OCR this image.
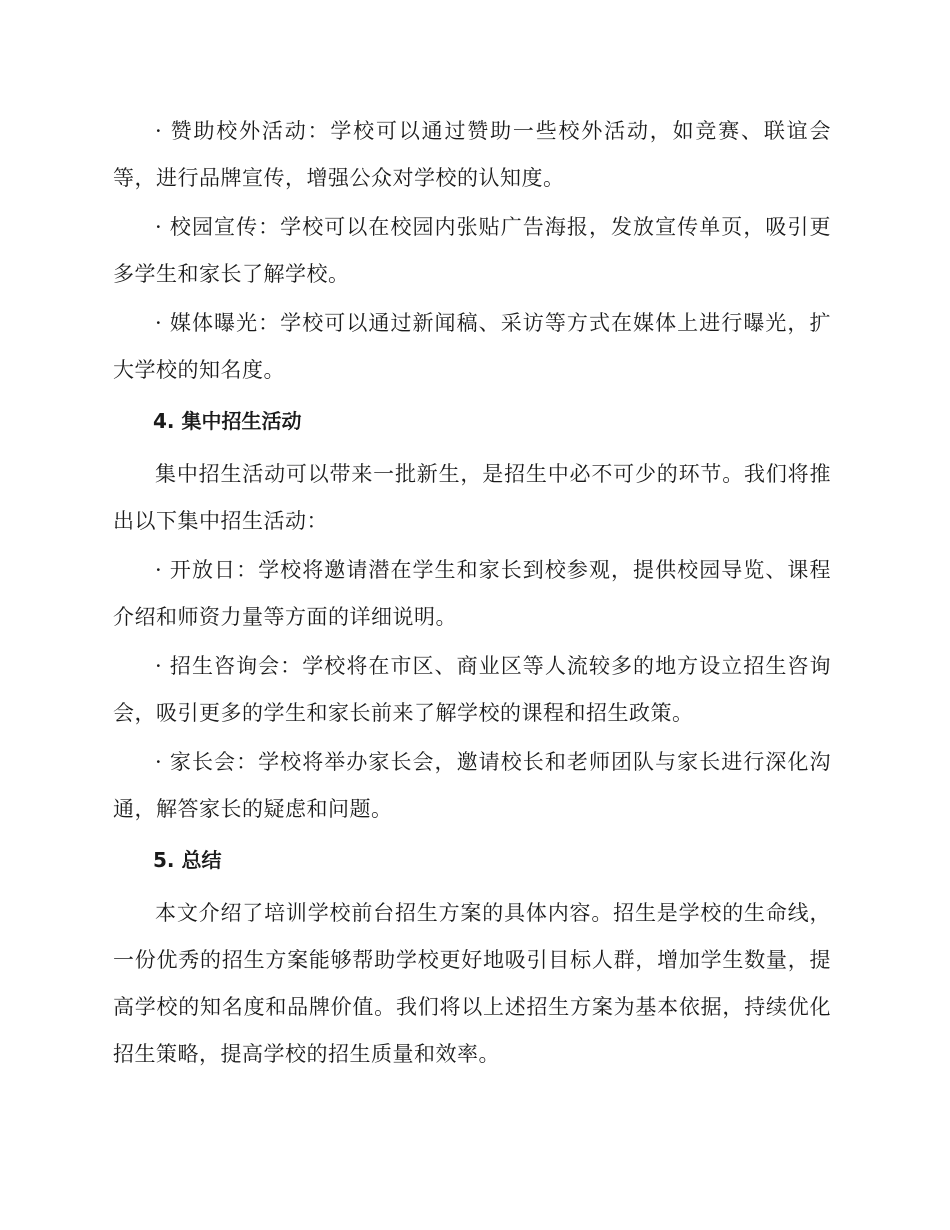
· 赞助校外活动：学校可以通过赞助一些校外活动，如竞赛、联谊会等，进行品牌宣传，增强公众对学校的认知度。

· 校园宣传：学校可以在校园内张贴广告海报，发放宣传单页，吸引更多学生和家长了解学校。

· 媒体曝光：学校可以通过新闻稿、采访等方式在媒体上进行曝光，扩大学校的知名度。

4. 集中招生活动

集中招生活动可以带来一批新生，是招生中必不可少的环节。我们将推出以下集中招生活动：

· 开放日：学校将邀请潜在学生和家长到校参观，提供校园导览、课程介绍和师资力量等方面的详细说明。

· 招生咨询会：学校将在市区、商业区等人流较多的地方设立招生咨询会，吸引更多的学生和家长前来了解学校的课程和招生政策。

· 家长会：学校将举办家长会，邀请校长和老师团队与家长进行深化沟通，解答家长的疑虑和问题。

5. 总结

本文介绍了培训学校前台招生方案的具体内容。招生是学校的生命线，一份优秀的招生方案能够帮助学校更好地吸引目标人群，增加学生数量，提高学校的知名度和品牌价值。我们将以上述招生方案为基本依据，持续优化招生策略，提高学校的招生质量和效率。
